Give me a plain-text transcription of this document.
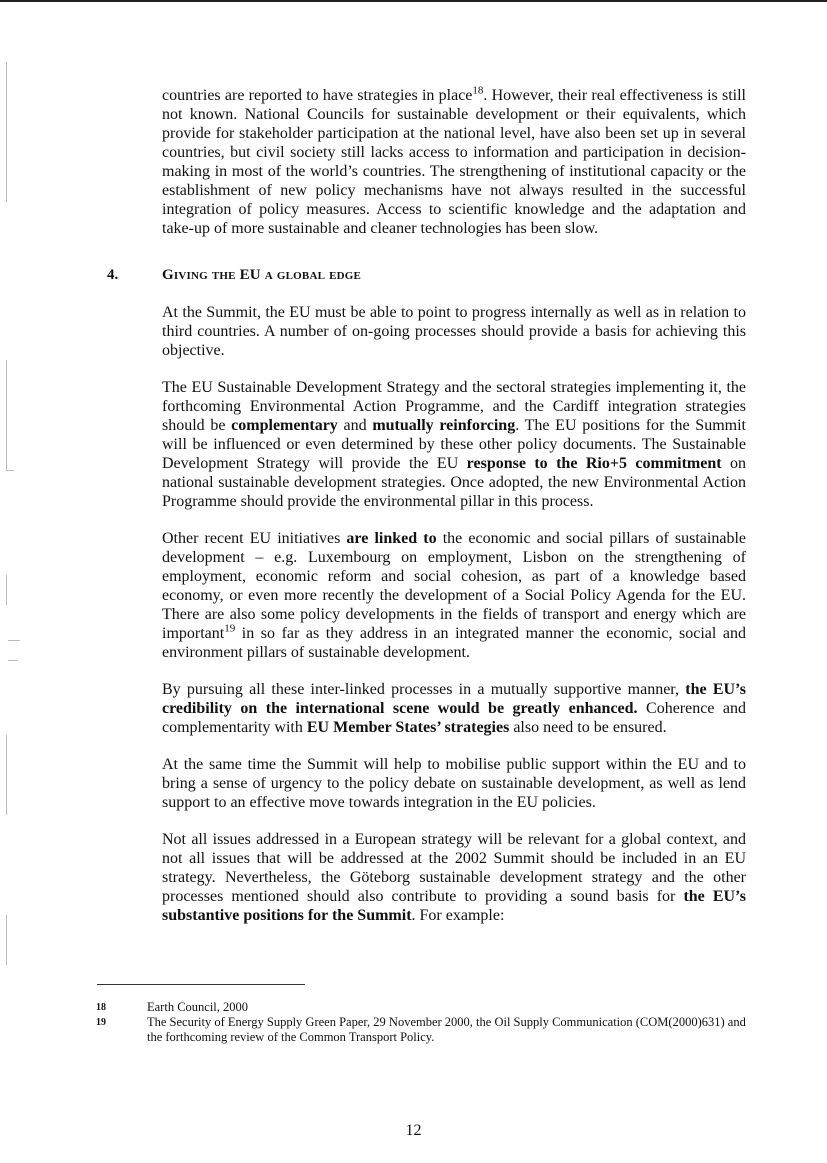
countries are reported to have strategies in place$^{18}$. However, their real effectiveness is still not known. National Councils for sustainable development or their equivalents, which provide for stakeholder participation at the national level, have also been set up in several countries, but civil society still lacks access to information and participation in decision-making in most of the world’s countries. The strengthening of institutional capacity or the establishment of new policy mechanisms have not always resulted in the successful integration of policy measures. Access to scientific knowledge and the adaptation and take-up of more sustainable and cleaner technologies has been slow.

4.	Giving the EU a global edge

At the Summit, the EU must be able to point to progress internally as well as in relation to third countries. A number of on-going processes should provide a basis for achieving this objective.

The EU Sustainable Development Strategy and the sectoral strategies implementing it, the forthcoming Environmental Action Programme, and the Cardiff integration strategies should be complementary and mutually reinforcing. The EU positions for the Summit will be influenced or even determined by these other policy documents. The Sustainable Development Strategy will provide the EU response to the Rio+5 commitment on national sustainable development strategies. Once adopted, the new Environmental Action Programme should provide the environmental pillar in this process.

Other recent EU initiatives are linked to the economic and social pillars of sustainable development – e.g. Luxembourg on employment, Lisbon on the strengthening of employment, economic reform and social cohesion, as part of a knowledge based economy, or even more recently the development of a Social Policy Agenda for the EU. There are also some policy developments in the fields of transport and energy which are important$^{19}$ in so far as they address in an integrated manner the economic, social and environment pillars of sustainable development.

By pursuing all these inter-linked processes in a mutually supportive manner, the EU’s credibility on the international scene would be greatly enhanced. Coherence and complementarity with EU Member States’ strategies also need to be ensured.

At the same time the Summit will help to mobilise public support within the EU and to bring a sense of urgency to the policy debate on sustainable development, as well as lend support to an effective move towards integration in the EU policies.

Not all issues addressed in a European strategy will be relevant for a global context, and not all issues that will be addressed at the 2002 Summit should be included in an EU strategy. Nevertheless, the Göteborg sustainable development strategy and the other processes mentioned should also contribute to providing a sound basis for the EU’s substantive positions for the Summit. For example:

18	Earth Council, 2000
19	The Security of Energy Supply Green Paper, 29 November 2000, the Oil Supply Communication (COM(2000)631) and the forthcoming review of the Common Transport Policy.
12
